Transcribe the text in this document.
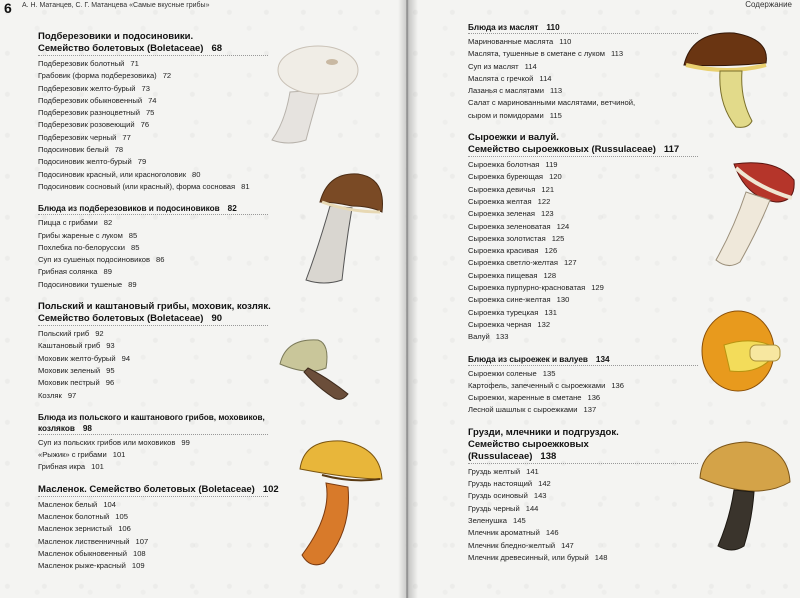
6 А. Н. Матанцев, С. Г. Матанцева «Самые вкусные грибы»
Подберезовики и подосиновики.
Семейство болетовых (Boletaceae) 68
Подберезовик болотный 71
Грабовик (форма подберезовика) 72
Подберезовик желто-бурый 73
Подберезовик обыкновенный 74
Подберезовик разноцветный 75
Подберезовик розовеющий 76
Подберезовик черный 77
Подосиновик белый 78
Подосиновик желто-бурый 79
Подосиновик красный, или красноголовик 80
Подосиновик сосновый (или красный), форма сосновая 81
Блюда из подберезовиков и подосиновиков 82
Пицца с грибами 82
Грибы жареные с луком 85
Похлебка по-белорусски 85
Суп из сушеных подосиновиков 86
Грибная солянка 89
Подосиновики тушеные 89
Польский и каштановый грибы, моховик, козляк.
Семейство болетовых (Boletaceae) 90
Польский гриб 92
Каштановый гриб 93
Моховик желто-бурый 94
Моховик зеленый 95
Моховик пестрый 96
Козляк 97
Блюда из польского и каштанового грибов, моховиков,
козляков 98
Суп из польских грибов или моховиков 99
«Рыжик» с грибами 101
Грибная икра 101
Масленок. Семейство болетовых (Boletaceae) 102
Масленок белый 104
Масленок болотный 105
Масленок зернистый 106
Масленок лиственничный 107
Масленок обыкновенный 108
Масленок рыже-красный 109
Содержание
Блюда из маслят 110
Маринованные маслята 110
Маслята, тушенные в сметане с луком 113
Суп из маслят 114
Маслята с гречкой 114
Лазанья с маслятами 113
Салат с маринованными маслятами, ветчиной,
сыром и помидорами 115
Сыроежки и валуй.
Семейство сыроежковых (Russulaceae) 117
Сыроежка болотная 119
Сыроежка буреющая 120
Сыроежка девичья 121
Сыроежка желтая 122
Сыроежка зеленая 123
Сыроежка зеленоватая 124
Сыроежка золотистая 125
Сыроежка красивая 126
Сыроежка светло-желтая 127
Сыроежка пищевая 128
Сыроежка пурпурно-красноватая 129
Сыроежка сине-желтая 130
Сыроежка турецкая 131
Сыроежка черная 132
Валуй 133
Блюда из сыроежек и валуев 134
Сыроежки соленые 135
Картофель, запеченный с сыроежками 136
Сыроежки, жаренные в сметане 136
Лесной шашлык с сыроежками 137
Грузди, млечники и подгруздок.
Семейство сыроежковых
(Russulaceae) 138
Груздь желтый 141
Груздь настоящий 142
Груздь осиновый 143
Груздь черный 144
Зеленушка 145
Млечник ароматный 146
Млечник бледно-желтый 147
Млечник древесинный, или бурый 148
